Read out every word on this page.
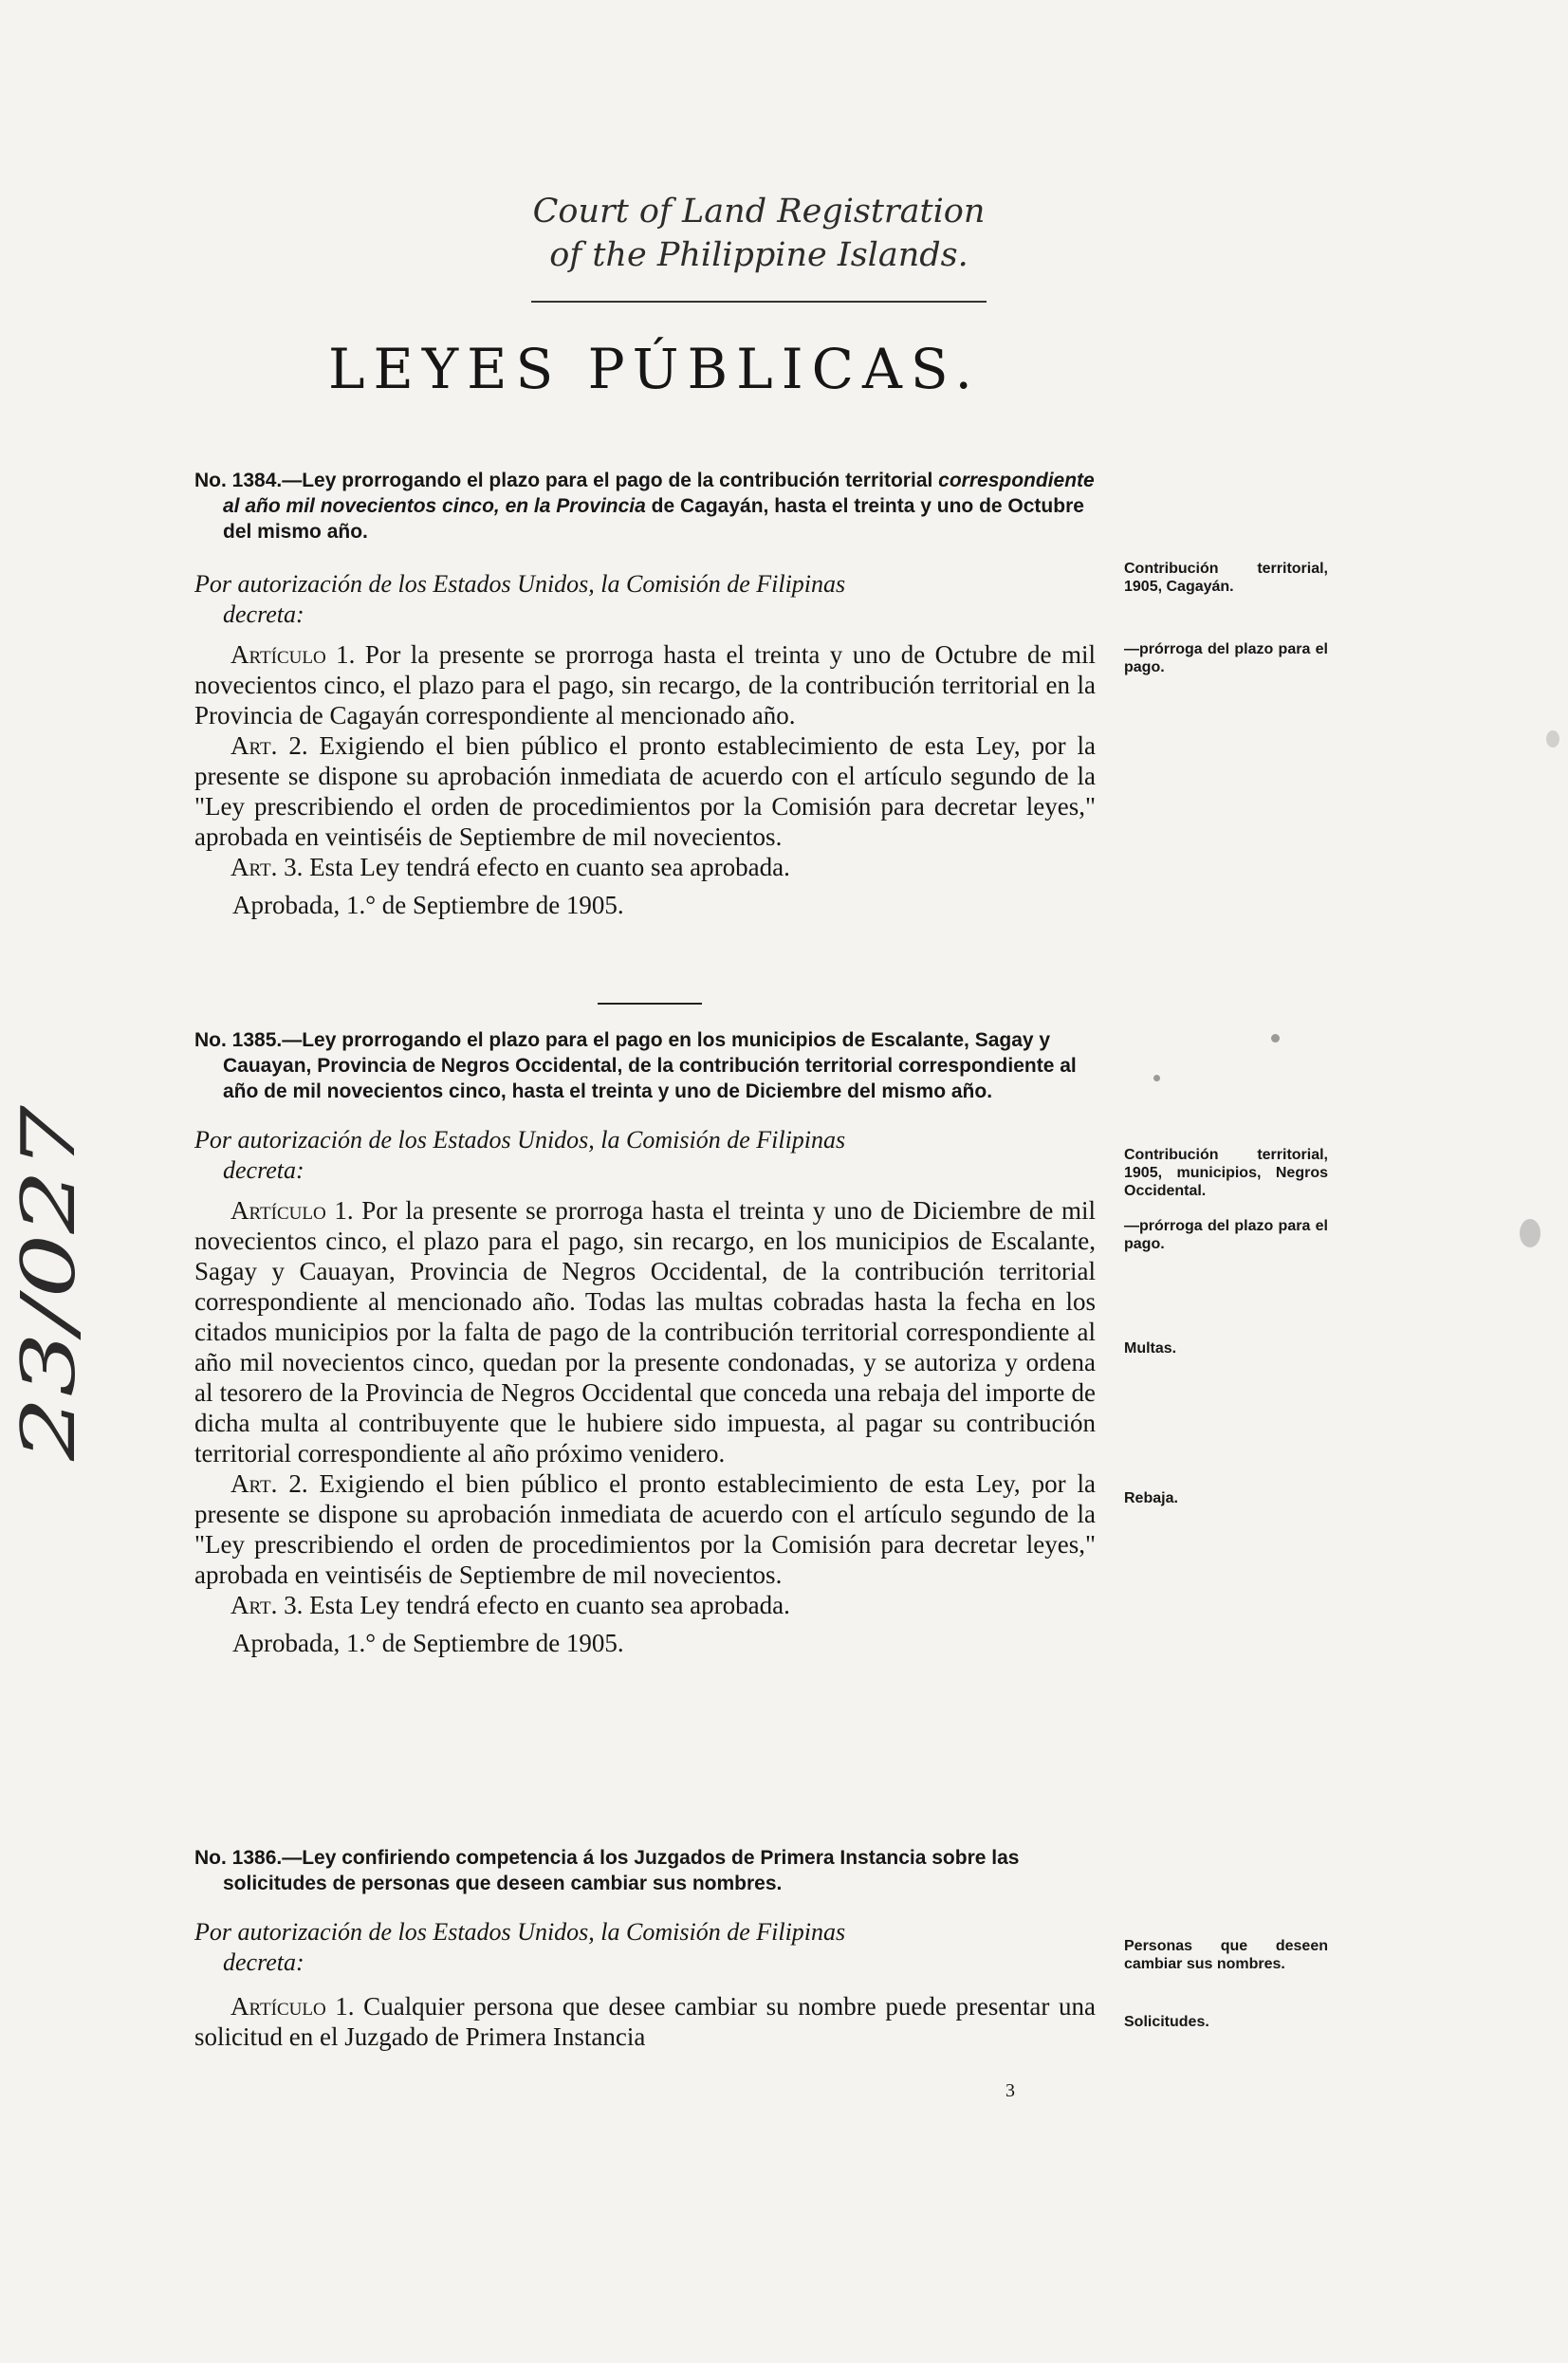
Court of Land Registration
of the Philippine Islands.
LEYES PÚBLICAS.
23/027
No. 1384.—Ley prorrogando el plazo para el pago de la contribución territorial correspondiente al año mil novecientos cinco, en la Provincia de Cagayán, hasta el treinta y uno de Octubre del mismo año.
Por autorización de los Estados Unidos, la Comisión de Filipinas
decreta:

Artículo 1. Por la presente se prorroga hasta el treinta y uno de Octubre de mil novecientos cinco, el plazo para el pago, sin recargo, de la contribución territorial en la Provincia de Cagayán correspondiente al mencionado año.

Art. 2. Exigiendo el bien público el pronto establecimiento de esta Ley, por la presente se dispone su aprobación inmediata de acuerdo con el artículo segundo de la "Ley prescribiendo el orden de procedimientos por la Comisión para decretar leyes," aprobada en veintiséis de Septiembre de mil novecientos.

Art. 3. Esta Ley tendrá efecto en cuanto sea aprobada.

Aprobada, 1.° de Septiembre de 1905.
Contribución territorial, 1905, Cagayán.
—prórroga del plazo para el pago.
No. 1385.—Ley prorrogando el plazo para el pago en los municipios de Escalante, Sagay y Cauayan, Provincia de Negros Occidental, de la contribución territorial correspondiente al año de mil novecientos cinco, hasta el treinta y uno de Diciembre del mismo año.
Por autorización de los Estados Unidos, la Comisión de Filipinas
decreta:

Artículo 1. Por la presente se prorroga hasta el treinta y uno de Diciembre de mil novecientos cinco, el plazo para el pago, sin recargo, en los municipios de Escalante, Sagay y Cauayan, Provincia de Negros Occidental, de la contribución territorial correspondiente al mencionado año. Todas las multas cobradas hasta la fecha en los citados municipios por la falta de pago de la contribución territorial correspondiente al año mil novecientos cinco, quedan por la presente condonadas, y se autoriza y ordena al tesorero de la Provincia de Negros Occidental que conceda una rebaja del importe de dicha multa al contribuyente que le hubiere sido impuesta, al pagar su contribución territorial correspondiente al año próximo venidero.

Art. 2. Exigiendo el bien público el pronto establecimiento de esta Ley, por la presente se dispone su aprobación inmediata de acuerdo con el artículo segundo de la "Ley prescribiendo el orden de procedimientos por la Comisión para decretar leyes," aprobada en veintiséis de Septiembre de mil novecientos.

Art. 3. Esta Ley tendrá efecto en cuanto sea aprobada.

Aprobada, 1.° de Septiembre de 1905.
Contribución territorial, 1905, municipios, Negros Occidental.
—prórroga del plazo para el pago.
Multas.
Rebaja.
No. 1386.—Ley confiriendo competencia á los Juzgados de Primera Instancia sobre las solicitudes de personas que deseen cambiar sus nombres.
Por autorización de los Estados Unidos, la Comisión de Filipinas
decreta:

Artículo 1. Cualquier persona que desee cambiar su nombre puede presentar una solicitud en el Juzgado de Primera Instancia

Personas que deseen cambiar sus nombres.
Solicitudes.
3
